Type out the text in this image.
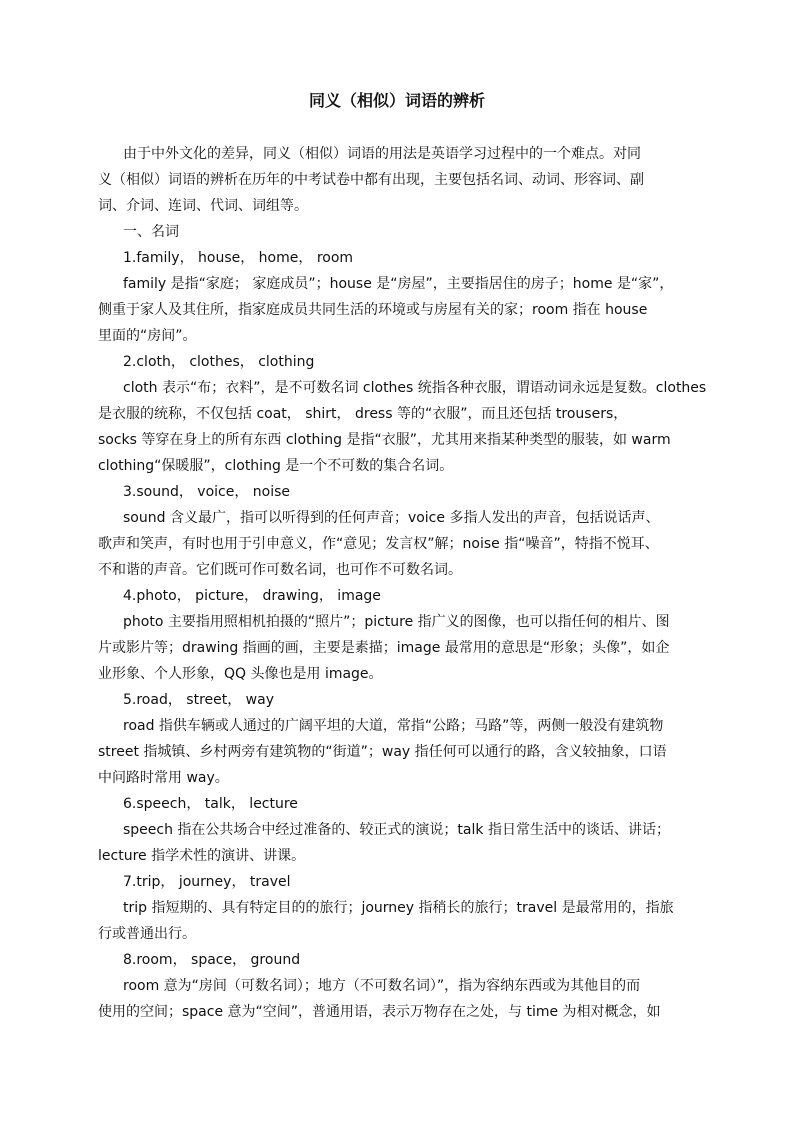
同义（相似）词语的辨析
由于中外文化的差异，同义（相似）词语的用法是英语学习过程中的一个难点。对同
义（相似）词语的辨析在历年的中考试卷中都有出现，主要包括名词、动词、形容词、副
词、介词、连词、代词、词组等。
一、名词
1.family， house， home， room
family 是指“家庭； 家庭成员”；house 是“房屋”，主要指居住的房子；home 是“家”，
侧重于家人及其住所，指家庭成员共同生活的环境或与房屋有关的家；room 指在 house
里面的“房间”。
2.cloth， clothes， clothing
cloth 表示“布；衣料”，是不可数名词 clothes 统指各种衣服，谓语动词永远是复数。clothes
是衣服的统称，不仅包括 coat， shirt， dress 等的“衣服”，而且还包括 trousers，
socks 等穿在身上的所有东西 clothing 是指“衣服”，尤其用来指某种类型的服装，如 warm
clothing“保暖服”，clothing 是一个不可数的集合名词。
3.sound， voice， noise
sound 含义最广，指可以听得到的任何声音；voice 多指人发出的声音，包括说话声、
歌声和笑声，有时也用于引申意义，作“意见；发言权”解；noise 指“噪音”，特指不悦耳、
不和谐的声音。它们既可作可数名词，也可作不可数名词。
4.photo， picture， drawing， image
photo 主要指用照相机拍摄的“照片”；picture 指广义的图像，也可以指任何的相片、图
片或影片等；drawing 指画的画，主要是素描；image 最常用的意思是“形象；头像”，如企
业形象、个人形象，QQ 头像也是用 image。
5.road， street， way
road 指供车辆或人通过的广阔平坦的大道，常指“公路；马路”等，两侧一般没有建筑物
street 指城镇、乡村两旁有建筑物的“街道”；way 指任何可以通行的路，含义较抽象，口语
中问路时常用 way。
6.speech， talk， lecture
speech 指在公共场合中经过准备的、较正式的演说；talk 指日常生活中的谈话、讲话；
lecture 指学术性的演讲、讲课。
7.trip， journey， travel
trip 指短期的、具有特定目的的旅行；journey 指稍长的旅行；travel 是最常用的，指旅
行或普通出行。
8.room， space， ground
room 意为“房间（可数名词）；地方（不可数名词）”，指为容纳东西或为其他目的而
使用的空间；space 意为“空间”，普通用语，表示万物存在之处，与 time 为相对概念，如
